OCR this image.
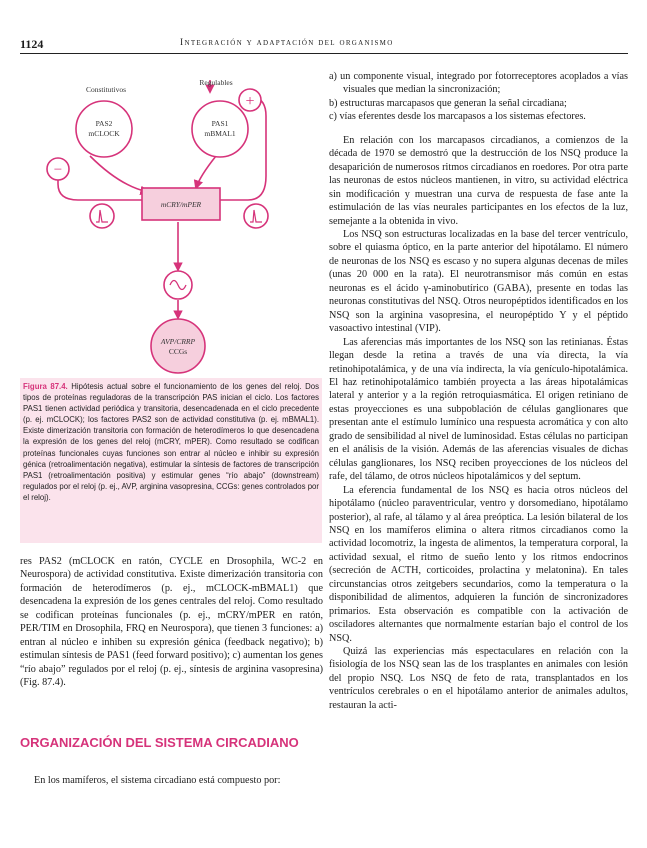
1124	Integración y adaptación del organismo
Constitutivos
Regulables
PAS2
mCLOCK
PAS1
mBMAL1
+
−
mCRY/mPER
AVP/CRRP
CCGs
Figura 87.4. Hipótesis actual sobre el funcionamiento de los genes del reloj. Dos tipos de proteínas reguladoras de la transcripción PAS inician el ciclo. Los factores PAS1 tienen actividad periódica y transitoria, desencadenada en el ciclo precedente (p. ej. mCLOCK); los factores PAS2 son de actividad constitutiva (p. ej. mBMAL1). Existe dimerización transitoria con formación de heterodímeros lo que desencadena la expresión de los genes del reloj (mCRY, mPER). Como resultado se codifican proteínas funcionales cuyas funciones son entrar al núcleo e inhibir su expresión génica (retroalimentación negativa), estimular la síntesis de factores de transcripción PAS1 (retroalimentación positiva) y estimular genes “río abajo” (downstream) regulados por el reloj (p. ej., AVP, arginina vasopresina, CCGs: genes controlados por el reloj).

res PAS2 (mCLOCK en ratón, CYCLE en Drosophila, WC-2 en Neurospora) de actividad constitutiva. Existe dimerización transitoria con formación de heterodímeros (p. ej., mCLOCK-mBMAL1) que desencadena la expresión de los genes centrales del reloj. Como resultado se codifican proteínas funcionales (p. ej., mCRY/mPER en ratón, PER/TIM en Drosophila, FRQ en Neurospora), que tienen 3 funciones: a) entran al núcleo e inhiben su expresión génica (feedback negativo); b) estimulan síntesis de PAS1 (feed forward positivo); c) aumentan los genes “río abajo” regulados por el reloj (p. ej., síntesis de arginina vasopresina) (Fig. 87.4).

ORGANIZACIÓN DEL SISTEMA CIRCADIANO

En los mamíferos, el sistema circadiano está compuesto por:

a) un componente visual, integrado por fotorreceptores acoplados a vías visuales que median la sincronización;

b) estructuras marcapasos que generan la señal circadiana;

c) vías eferentes desde los marcapasos a los sistemas efectores.

En relación con los marcapasos circadianos, a comienzos de la década de 1970 se demostró que la destrucción de los NSQ produce la desaparición de numerosos ritmos circadianos en roedores. Por otra parte las neuronas de estos núcleos mantienen, in vitro, su actividad eléctrica sin modificación y muestran una curva de respuesta de fase ante la estimulación de las vías neurales participantes en los efectos de la luz, semejante a la obtenida in vivo.

Los NSQ son estructuras localizadas en la base del tercer ventrículo, sobre el quiasma óptico, en la parte anterior del hipotálamo. El número de neuronas de los NSQ es escaso y no supera algunas decenas de miles (unas 20 000 en la rata). El neurotransmisor más común en estas neuronas es el ácido γ-aminobutírico (GABA), presente en todas las neuronas constitutivas del NSQ. Otros neuropéptidos identificados en los NSQ son la arginina vasopresina, el neuropéptido Y y el péptido vasoactivo intestinal (VIP).

Las aferencias más importantes de los NSQ son las retinianas. Éstas llegan desde la retina a través de una vía directa, la vía retinohipotalámica, y de una vía indirecta, la vía genículo-hipotalámica. El haz retinohipotalámico también proyecta a las áreas hipotalámicas lateral y anterior y a la región retroquiasmática. El origen retiniano de estas proyecciones es una subpoblación de células ganglionares que presentan ante el estímulo lumínico una respuesta acromática y con alto grado de sensibilidad al nivel de luminosidad. Estas células no participan en el análisis de la visión. Además de las aferencias visuales de dichas células ganglionares, los NSQ reciben proyecciones de los núcleos del rafe, del tálamo, de otros núcleos hipotalámicos y del septum.

La eferencia fundamental de los NSQ es hacia otros núcleos del hipotálamo (núcleo paraventricular, ventro y dorsomediano, hipotálamo posterior), al rafe, al tálamo y al área preóptica. La lesión bilateral de los NSQ en los mamíferos elimina o altera ritmos circadianos como la actividad locomotriz, la ingesta de alimentos, la temperatura corporal, la actividad sexual, el ritmo de sueño lento y los ritmos endocrinos (secreción de ACTH, corticoides, prolactina y melatonina). En tales circunstancias otros zeitgebers secundarios, como la temperatura o la disponibilidad de alimentos, adquieren la función de sincronizadores primarios. Esta observación es compatible con la activación de osciladores alternantes que normalmente estarían bajo el control de los NSQ.

Quizá las experiencias más espectaculares en relación con la fisiología de los NSQ sean las de los trasplantes en animales con lesión del propio NSQ. Los NSQ de feto de rata, transplantados en los ventrículos cerebrales o en el hipotálamo anterior de animales adultos, restauran la acti-
